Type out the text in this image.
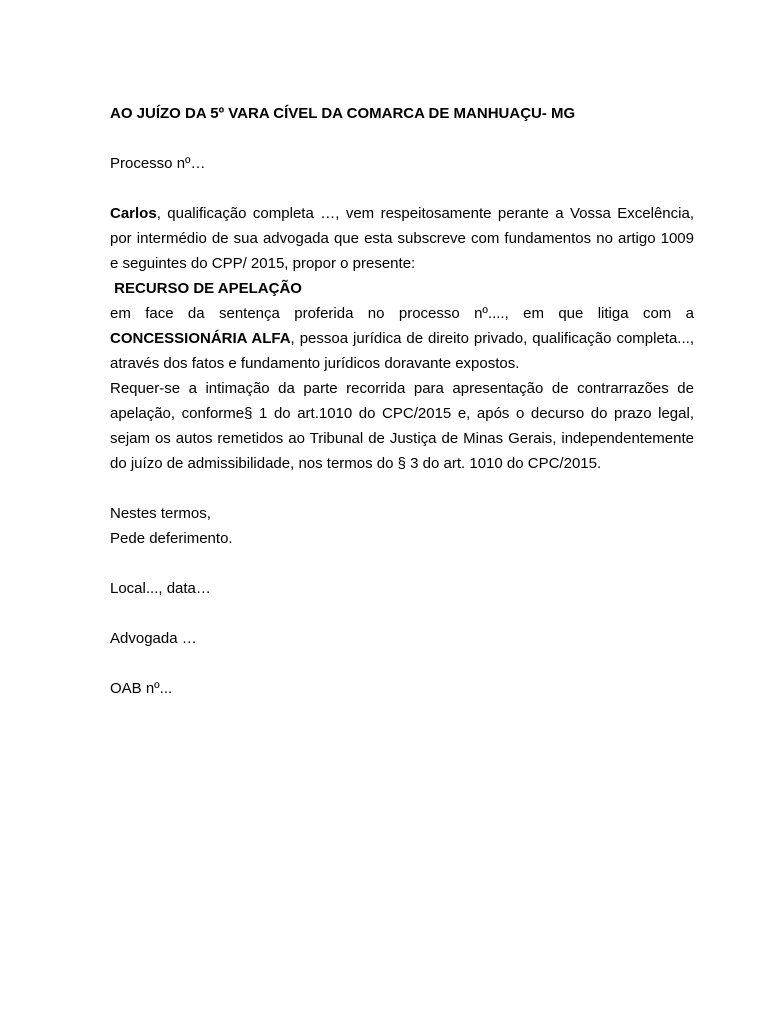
AO JUÍZO DA 5º VARA CÍVEL DA COMARCA DE MANHUAÇU- MG

Processo nº…

Carlos, qualificação completa …, vem respeitosamente perante a Vossa Excelência, por intermédio de sua advogada que esta subscreve com fundamentos no artigo 1009 e seguintes do CPP/ 2015, propor o presente:

RECURSO DE APELAÇÃO

em face da sentença proferida no processo nº...., em que litiga com a CONCESSIONÁRIA ALFA, pessoa jurídica de direito privado, qualificação completa..., através dos fatos e fundamento jurídicos doravante expostos.

Requer-se a intimação da parte recorrida para apresentação de contrarrazões de apelação, conforme§ 1 do art.1010 do CPC/2015 e, após o decurso do prazo legal, sejam os autos remetidos ao Tribunal de Justiça de Minas Gerais, independentemente do juízo de admissibilidade, nos termos do § 3 do art. 1010 do CPC/2015.

Nestes termos,

Pede deferimento.

Local..., data…

Advogada …

OAB nº...
